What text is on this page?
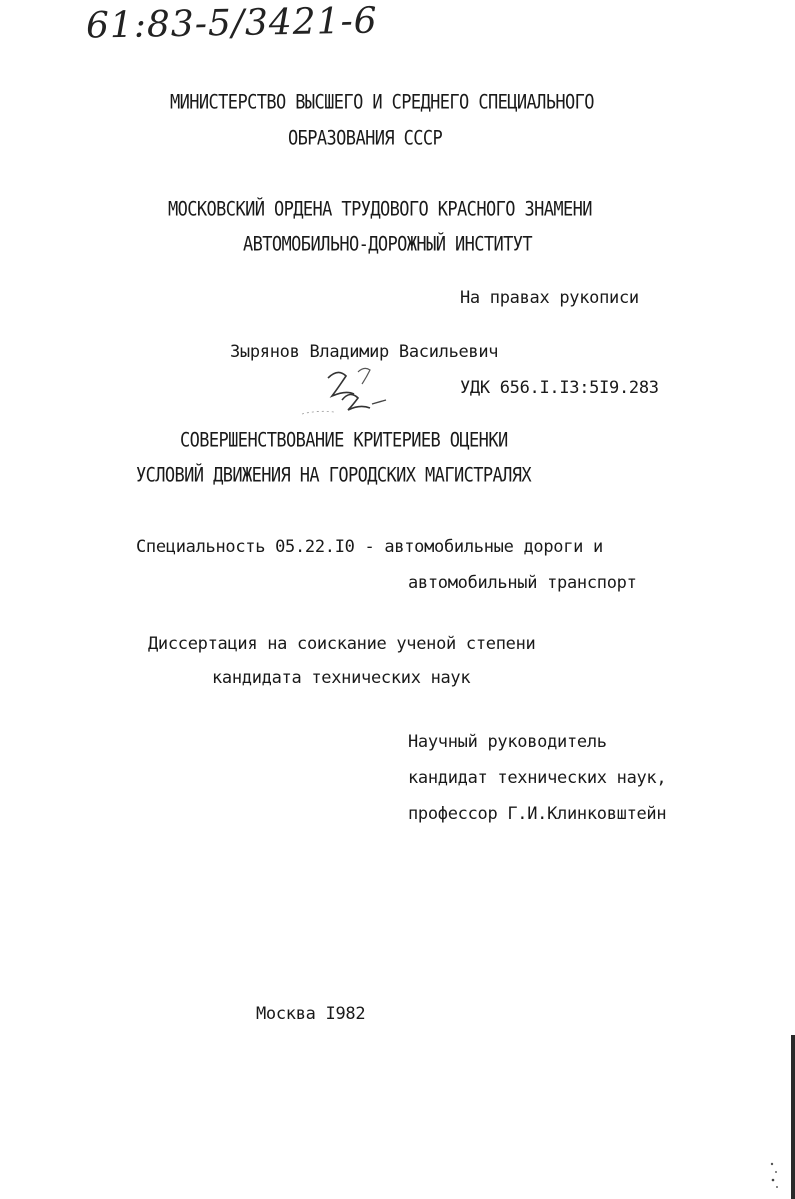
61:83-5/3421-6
МИНИСТЕРСТВО ВЫСШЕГО И СРЕДНЕГО СПЕЦИАЛЬНОГО
ОБРАЗОВАНИЯ СССР
МОСКОВСКИЙ ОРДЕНА ТРУДОВОГО КРАСНОГО ЗНАМЕНИ
АВТОМОБИЛЬНО-ДОРОЖНЫЙ ИНСТИТУТ
На правах рукописи
Зырянов Владимир Васильевич
УДК 656.I.I3:5I9.283
СОВЕРШЕНСТВОВАНИЕ КРИТЕРИЕВ ОЦЕНКИ
УСЛОВИЙ ДВИЖЕНИЯ НА ГОРОДСКИХ МАГИСТРАЛЯХ
Специальность 05.22.I0 - автомобильные дороги и
автомобильный транспорт
Диссертация на соискание ученой степени
кандидата технических наук
Научный руководитель
кандидат технических наук,
профессор Г.И.Клинковштейн
Москва I982
